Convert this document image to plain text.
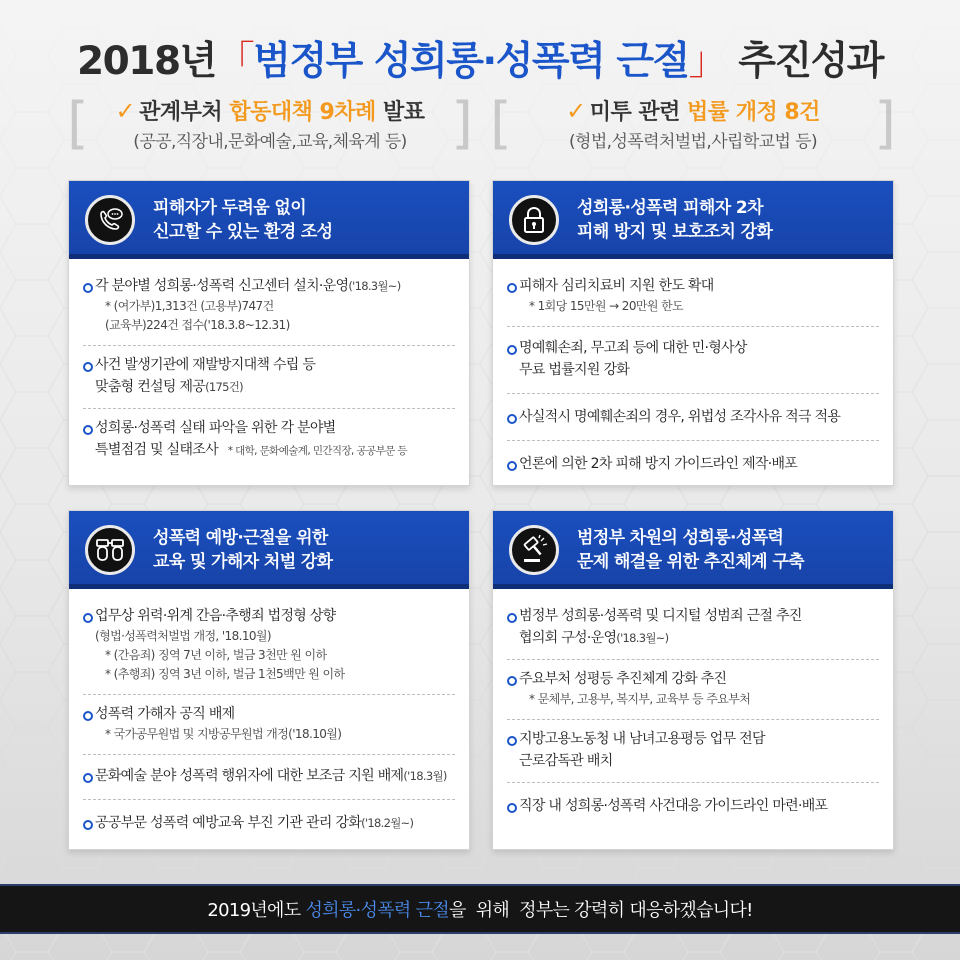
2018년「범정부 성희롱·성폭력 근절」 추진성과
[	]
✓ 관계부처 합동대책 9차례 발표
(공공,직장내,문화예술,교육,체육계 등)	[	]
✓ 미투 관련 법률 개정 8건
(형법,성폭력처벌법,사립학교법 등)
피해자가 두려움 없이
신고할 수 있는 환경 조성
각 분야별 성희롱·성폭력 신고센터 설치·운영('18.3월~)
* (여가부)1,313건 (고용부)747건
(교육부)224건 접수('18.3.8~12.31)
사건 발생기관에 재발방지대책 수립 등
맞춤형 컨설팅 제공(175건)
성희롱·성폭력 실태 파악을 위한 각 분야별
특별점검 및 실태조사 * 대학, 문화예술계, 민간직장, 공공부문 등
성희롱·성폭력 피해자 2차
피해 방지 및 보호조치 강화
피해자 심리치료비 지원 한도 확대
* 1회당 15만원 → 20만원 한도
명예훼손죄, 무고죄 등에 대한 민·형사상
무료 법률지원 강화
사실적시 명예훼손죄의 경우, 위법성 조각사유 적극 적용
언론에 의한 2차 피해 방지 가이드라인 제작·배포
성폭력 예방·근절을 위한
교육 및 가해자 처벌 강화
업무상 위력·위계 간음·추행죄 법정형 상향
(형법·성폭력처벌법 개정, '18.10월)
* (간음죄) 징역 7년 이하, 벌금 3천만 원 이하
* (추행죄) 징역 3년 이하, 벌금 1천5백만 원 이하
성폭력 가해자 공직 배제
* 국가공무원법 및 지방공무원법 개정('18.10월)
문화예술 분야 성폭력 행위자에 대한 보조금 지원 배제('18.3월)
공공부문 성폭력 예방교육 부진 기관 관리 강화('18.2월~)
범정부 차원의 성희롱·성폭력
문제 해결을 위한 추진체계 구축
범정부 성희롱·성폭력 및 디지털 성범죄 근절 추진
협의회 구성·운영('18.3월~)
주요부처 성평등 추진체계 강화 추진
* 문체부, 고용부, 복지부, 교육부 등 주요부처
지방고용노동청 내 남녀고용평등 업무 전담
근로감독관 배치
직장 내 성희롱·성폭력 사건대응 가이드라인 마련·배포
2019년에도
성희롱·성폭력 근절 을  위해  정부는 강력히 대응하겠습니다!
